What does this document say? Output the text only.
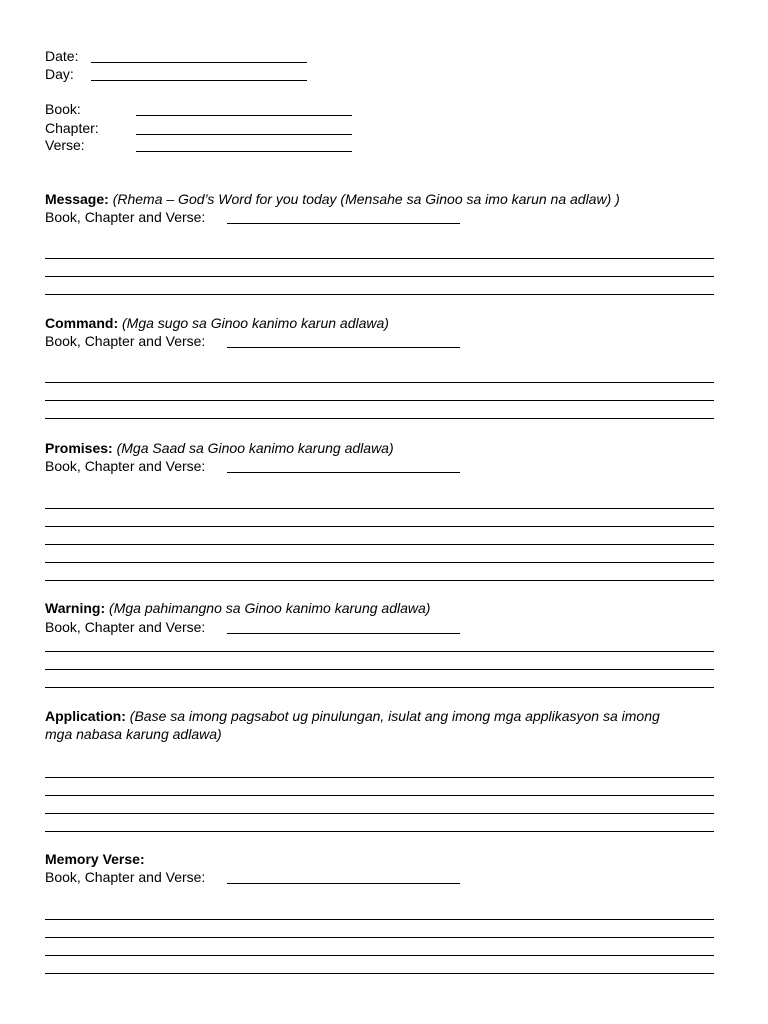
Date:
Day:
Book:
Chapter:
Verse:
Message: (Rhema – God’s Word for you today (Mensahe sa Ginoo sa imo karun na adlaw) )
Book, Chapter and Verse:
Command: (Mga sugo sa Ginoo kanimo karun adlawa)
Book, Chapter and Verse:
Promises: (Mga Saad sa Ginoo kanimo karung adlawa)
Book, Chapter and Verse:
Warning: (Mga pahimangno sa Ginoo kanimo karung adlawa)
Book, Chapter and Verse:
Application: (Base sa imong pagsabot ug pinulungan, isulat ang imong mga applikasyon sa imong
mga nabasa karung adlawa)
Memory Verse:
Book, Chapter and Verse:
